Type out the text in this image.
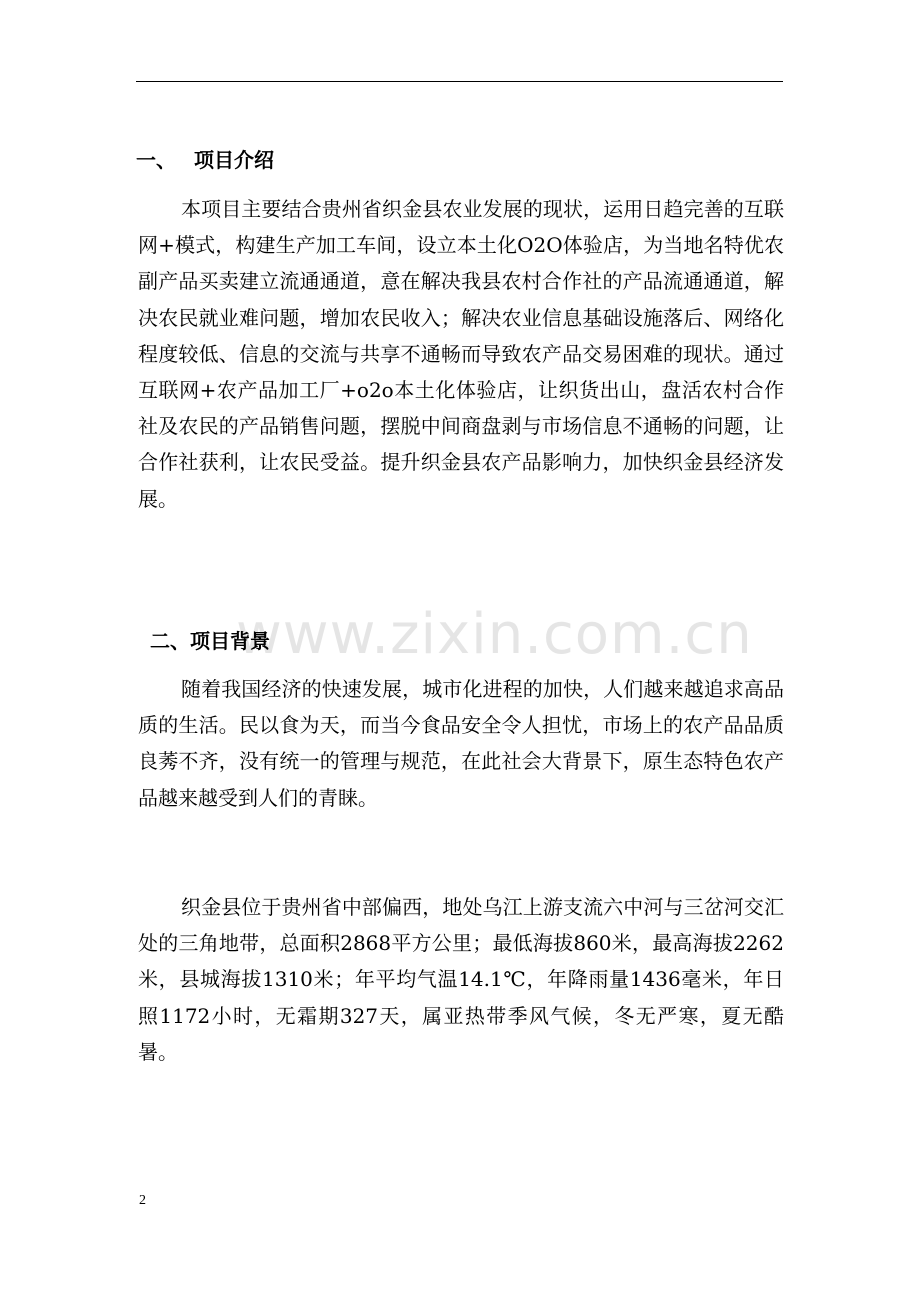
一、 项目介绍
本项目主要结合贵州省织金县农业发展的现状，运用日趋完善的互联网+模式，构建生产加工车间，设立本土化O2O体验店，为当地名特优农副产品买卖建立流通通道，意在解决我县农村合作社的产品流通通道，解决农民就业难问题，增加农民收入；解决农业信息基础设施落后、网络化程度较低、信息的交流与共享不通畅而导致农产品交易困难的现状。通过互联网+农产品加工厂+o2o本土化体验店，让织货出山，盘活农村合作社及农民的产品销售问题，摆脱中间商盘剥与市场信息不通畅的问题，让合作社获利，让农民受益。提升织金县农产品影响力，加快织金县经济发展。
www.zixin.com.cn
二、项目背景
随着我国经济的快速发展，城市化进程的加快，人们越来越追求高品质的生活。民以食为天，而当今食品安全令人担忧，市场上的农产品品质良莠不齐，没有统一的管理与规范，在此社会大背景下，原生态特色农产品越来越受到人们的青睐。
织金县位于贵州省中部偏西，地处乌江上游支流六中河与三岔河交汇处的三角地带，总面积2868平方公里；最低海拔860米，最高海拔2262米，县城海拔1310米；年平均气温14.1℃，年降雨量1436毫米，年日照1172小时，无霜期327天，属亚热带季风气候，冬无严寒，夏无酷暑。
2
